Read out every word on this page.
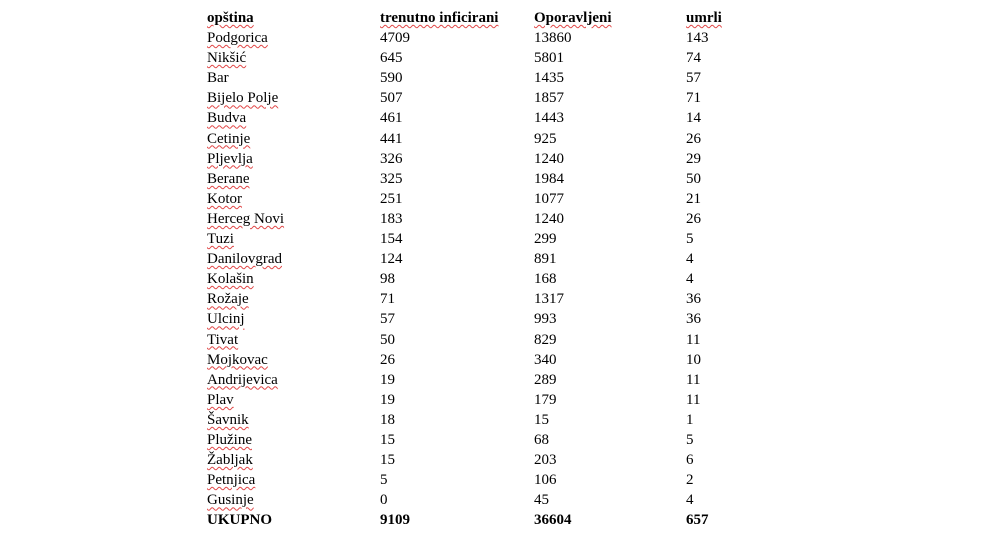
opština	trenutno inficirani	Oporavljeni	umrli
Podgorica	4709	13860	143
Nikšić	645	5801	74
Bar	590	1435	57
Bijelo Polje	507	1857	71
Budva	461	1443	14
Cetinje	441	925	26
Pljevlja	326	1240	29
Berane	325	1984	50
Kotor	251	1077	21
Herceg Novi	183	1240	26
Tuzi	154	299	5
Danilovgrad	124	891	4
Kolašin	98	168	4
Rožaje	71	1317	36
Ulcinj	57	993	36
Tivat	50	829	11
Mojkovac	26	340	10
Andrijevica	19	289	11
Plav	19	179	11
Šavnik	18	15	1
Plužine	15	68	5
Žabljak	15	203	6
Petnjica	5	106	2
Gusinje	0	45	4
UKUPNO	9109	36604	657
